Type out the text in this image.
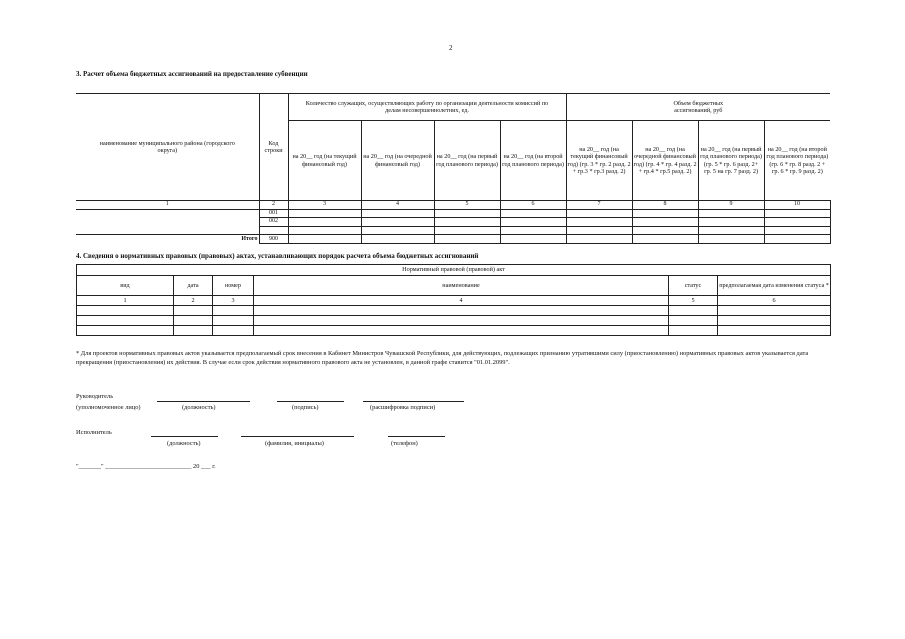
2
3. Расчет объема бюджетных ассигнований на предоставление субвенции
наименование муниципального района (городского округа)	Код строки	Количество служащих, осуществляющих работу по организации деятельности комиссий по делам несовершеннолетних, ед.				Объем бюджетных ассигнований, руб			
		на 20__ год (на текущий финансовый год)	на 20__ год (на очередной финансовый год)	на 20__ год (на первый год планового периода)	на 20__ год (на второй год планового периода)	на 20__ год (на текущий финансовый год) (гр. 3 * гр. 2 разд. 2 + гр.3 * гр.3 разд. 2)	на 20__ год (на очередной финансовый год) (гр. 4 * гр. 4 разд. 2 + гр.4 * гр.5 разд. 2)	на 20__ год (на первый год планового периода) (гр. 5 * гр. 6 разд. 2+ гр. 5 на гр. 7 разд. 2)	на 20__ год (на второй год планового периода) (гр. 6 * гр. 8 разд. 2 + гр. 6 * гр. 9 разд. 2)
1	2	3	4	5	6	7	8	9	10
	001								
	002								

Итого	900								
4. Сведения о нормативных правовых (правовых) актах, устанавливающих порядок расчета объема бюджетных ассигнований
Нормативный правовой (правовой) акт					
вид	дата	номер	наименование	статус	предполагаемая дата изменения статуса *
1	2	3	4	5	6

* Для проектов нормативных правовых актов указывается предполагаемый срок внесения в Кабинет Министров Чувашской Республики, для действующих, подлежащих признанию утратившими силу (приостановлению) нормативных правовых актов указывается дата прекращения (приостановления) их действия. В случае если срок действия нормативного правового акта не установлен, в данной графе ставится "01.01.2099".
Руководитель
(уполномоченное лицо)	(должность)	(подпись)	(расшифровка подписи)
Исполнитель
(должность)	(фамилия, инициалы)	(телефон)
"_______" ___________________________ 20 ___ г.
